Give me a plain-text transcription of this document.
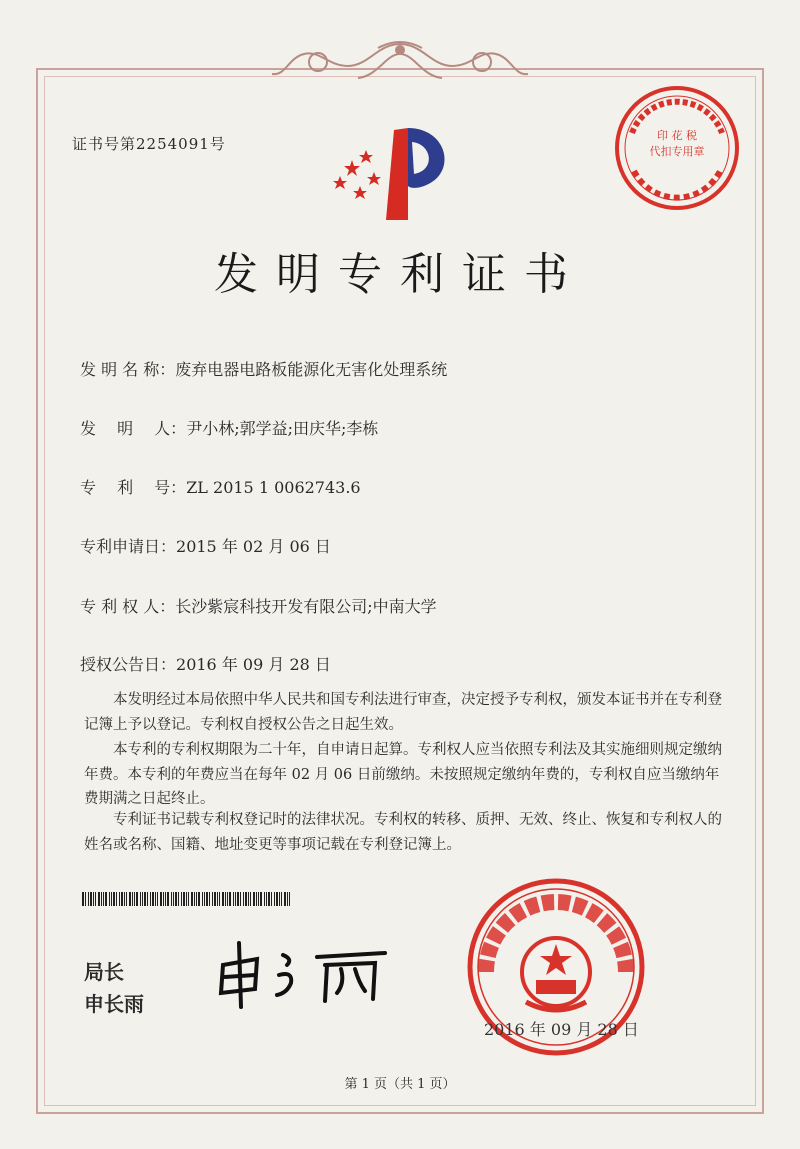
印 花 税
代扣专用章
证书号第2254091号
发明专利证书
发 明 名 称：废弃电器电路板能源化无害化处理系统
发　 明　 人：尹小林;郭学益;田庆华;李栋
专　 利　 号：ZL 2015 1 0062743.6
专利申请日：2015 年 02 月 06 日
专 利 权 人：长沙紫宸科技开发有限公司;中南大学
授权公告日：2016 年 09 月 28 日

本发明经过本局依照中华人民共和国专利法进行审查，决定授予专利权，颁发本证书并在专利登记簿上予以登记。专利权自授权公告之日起生效。

本专利的专利权期限为二十年，自申请日起算。专利权人应当依照专利法及其实施细则规定缴纳年费。本专利的年费应当在每年 02 月 06 日前缴纳。未按照规定缴纳年费的，专利权自应当缴纳年费期满之日起终止。

专利证书记载专利权登记时的法律状况。专利权的转移、质押、无效、终止、恢复和专利权人的姓名或名称、国籍、地址变更等事项记载在专利登记簿上。

局长
申长雨
2016 年 09 月 28 日
第 1 页（共 1 页）
